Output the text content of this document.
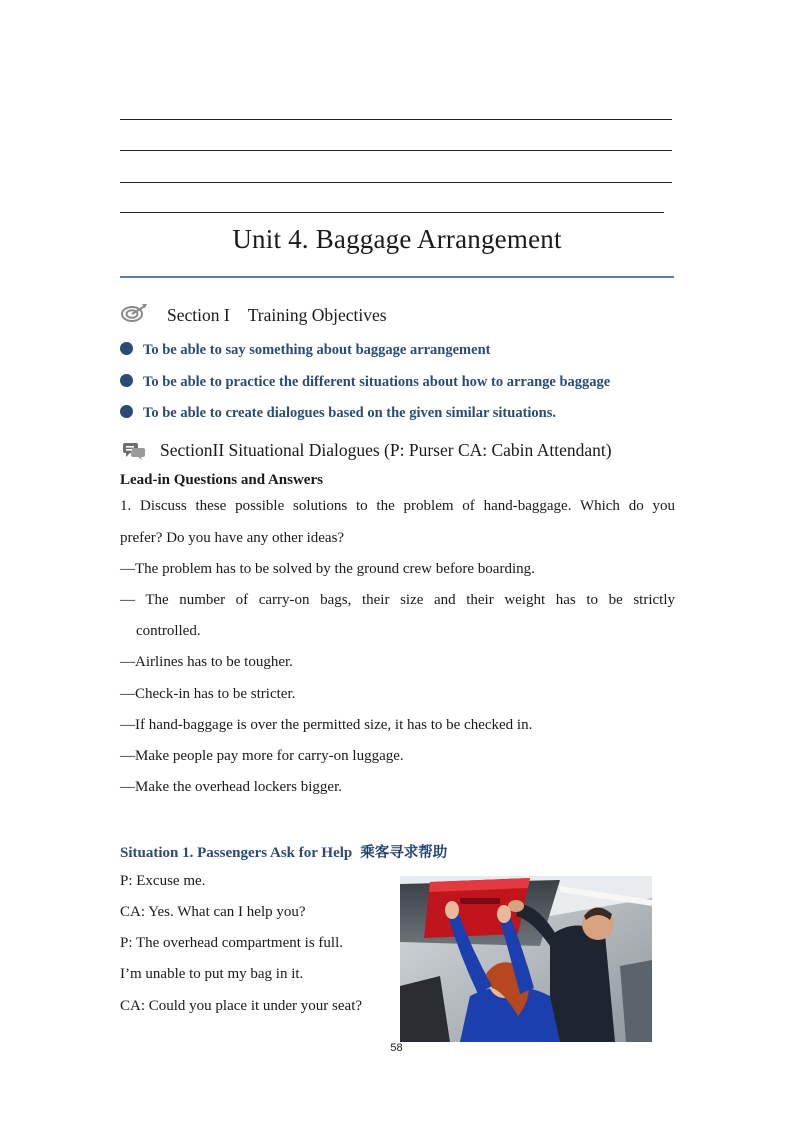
Unit 4. Baggage Arrangement
Section I Training Objectives
To be able to say something about baggage arrangement
To be able to practice the different situations about how to arrange baggage
To be able to create dialogues based on the given similar situations.
SectionII Situational Dialogues (P: Purser CA: Cabin Attendant)
Lead-in Questions and Answers
1. Discuss these possible solutions to the problem of hand-baggage. Which do you
prefer? Do you have any other ideas?
—The problem has to be solved by the ground crew before boarding.
— The number of carry-on bags, their size and their weight has to be strictly
controlled.
—Airlines has to be tougher.
—Check-in has to be stricter.
—If hand-baggage is over the permitted size, it has to be checked in.
—Make people pay more for carry-on luggage.
—Make the overhead lockers bigger.
Situation 1. Passengers Ask for Help 乘客寻求帮助
P: Excuse me.
CA: Yes. What can I help you?
P: The overhead compartment is full.
I’m unable to put my bag in it.
CA: Could you place it under your seat?
58
